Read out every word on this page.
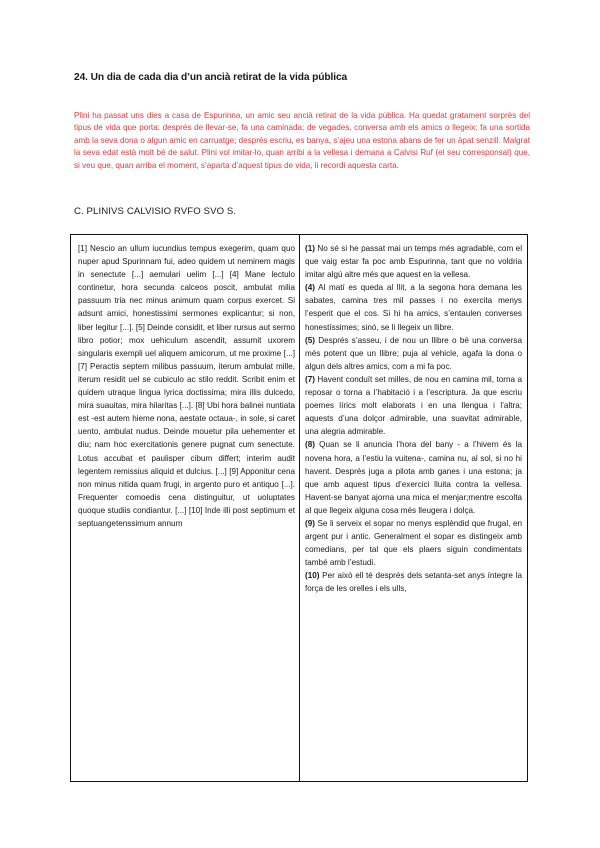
24. Un dia de cada dia d’un ancià retirat de la vida pública
Plini ha passat uns dies a casa de Espurinna, un amic seu ancià retirat de la vida pública. Ha quedat gratament sorprès del tipus de vida que porta: després de llevar-se, fa una caminada; de vegades, conversa amb els amics o llegeix; fa una sortida amb la seva dona o algun amic en carruatge; després escriu, es banya, s’ajeu una estona abans de fer un àpat senzill. Malgrat la seva edat està molt bé de salut. Plini vol imitar-lo, quan arribi a la vellesa i demana a Calvisi Ruf (el seu corresponsal) que, si veu que, quan arriba el moment, s’aparta d’aquest tipus de vida, li recordi aquesta carta.
C. PLINIVS CALVISIO RVFO SVO S.

[1] Nescio an ullum iucundius tempus exegerim, quam quo nuper apud Spurinnam fui, adeo quidem ut neminem magis in senectute [...] aemulari uelim [...] [4] Mane lectulo continetur, hora secunda calceos poscit, ambulat milia passuum tria nec minus animum quam corpus exercet. Si adsunt amici, honestissimi sermones explicantur; si non, liber legitur [...]. [5] Deinde considit, et liber rursus aut sermo libro potior; mox uehiculum ascendit, assumit uxorem singularis exempli uel aliquem amicorum, ut me proxime [...] [7] Peractis septem milibus passuum, iterum ambulat mille, iterum residit uel se cubiculo ac stilo reddit. Scribit enim et quidem utraque lingua lyrica doctissima; mira illis dulcedo, mira suauitas, mira hilaritas [...]. [8] Ubi hora balinei nuntiata est -est autem hieme nona, aestate octaua-, in sole, si caret uento, ambulat nudus. Deinde mouetur pila uehementer et diu; nam hoc exercitationis genere pugnat cum senectute. Lotus accubat et paulisper cibum differt; interim audit legentem remissius aliquid et dulcius. [...] [9] Apponitur cena non minus nitida quam frugi, in argento puro et antiquo [...]. Frequenter comoedis cena distinguitur, ut uoluptates quoque studiis condiantur. [...] [10] Inde illi post septimum et septuangetenssimum annum

(1) No sé si he passat mai un temps més agradable, com el que vaig estar fa poc amb Espurinna, tant que no voldria imitar algú altre més que aquest en la vellesa.

(4) Al matí es queda al llit, a la segona hora demana les sabates, camina tres mil passes i no exercita menys l’esperit que el cos. Si hi ha amics, s’entaulen converses honestíssimes; sinó, se li llegeix un llibre.

(5) Després s’asseu, i de nou un llibre o bé una conversa més potent que un llibre; puja al vehicle, agafa la dona o algun dels altres amics, com a mi fa poc.

(7) Havent conduït set milles, de nou en camina mil, torna a reposar o torna a l’habitació i a l’escriptura. Ja que escriu poemes lírics molt elaborats i en una llengua i l’altra; aquests d’una dolçor admirable, una suavitat admirable, una alegria admirable.

(8) Quan se li anuncia l’hora del bany - a l’hivern és la novena hora, a l’estiu la vuitena-, camina nu, al sol, si no hi havent. Després juga a pilota amb ganes i una estona; ja que amb aquest tipus d’exercici lluita contra la vellesa. Havent-se banyat ajorna una mica el menjar;mentre escolta al que llegeix alguna cosa més lleugera i dolça.

(9) Se li serveix el sopar no menys esplèndid que frugal, en argent pur i antic. Generalment el sopar es distingeix amb comedians, per tal que els plaers siguin condimentats també amb l’estudi.

(10) Per això ell té després dels setanta-set anys íntegre la força de les orelles i els ulls,
